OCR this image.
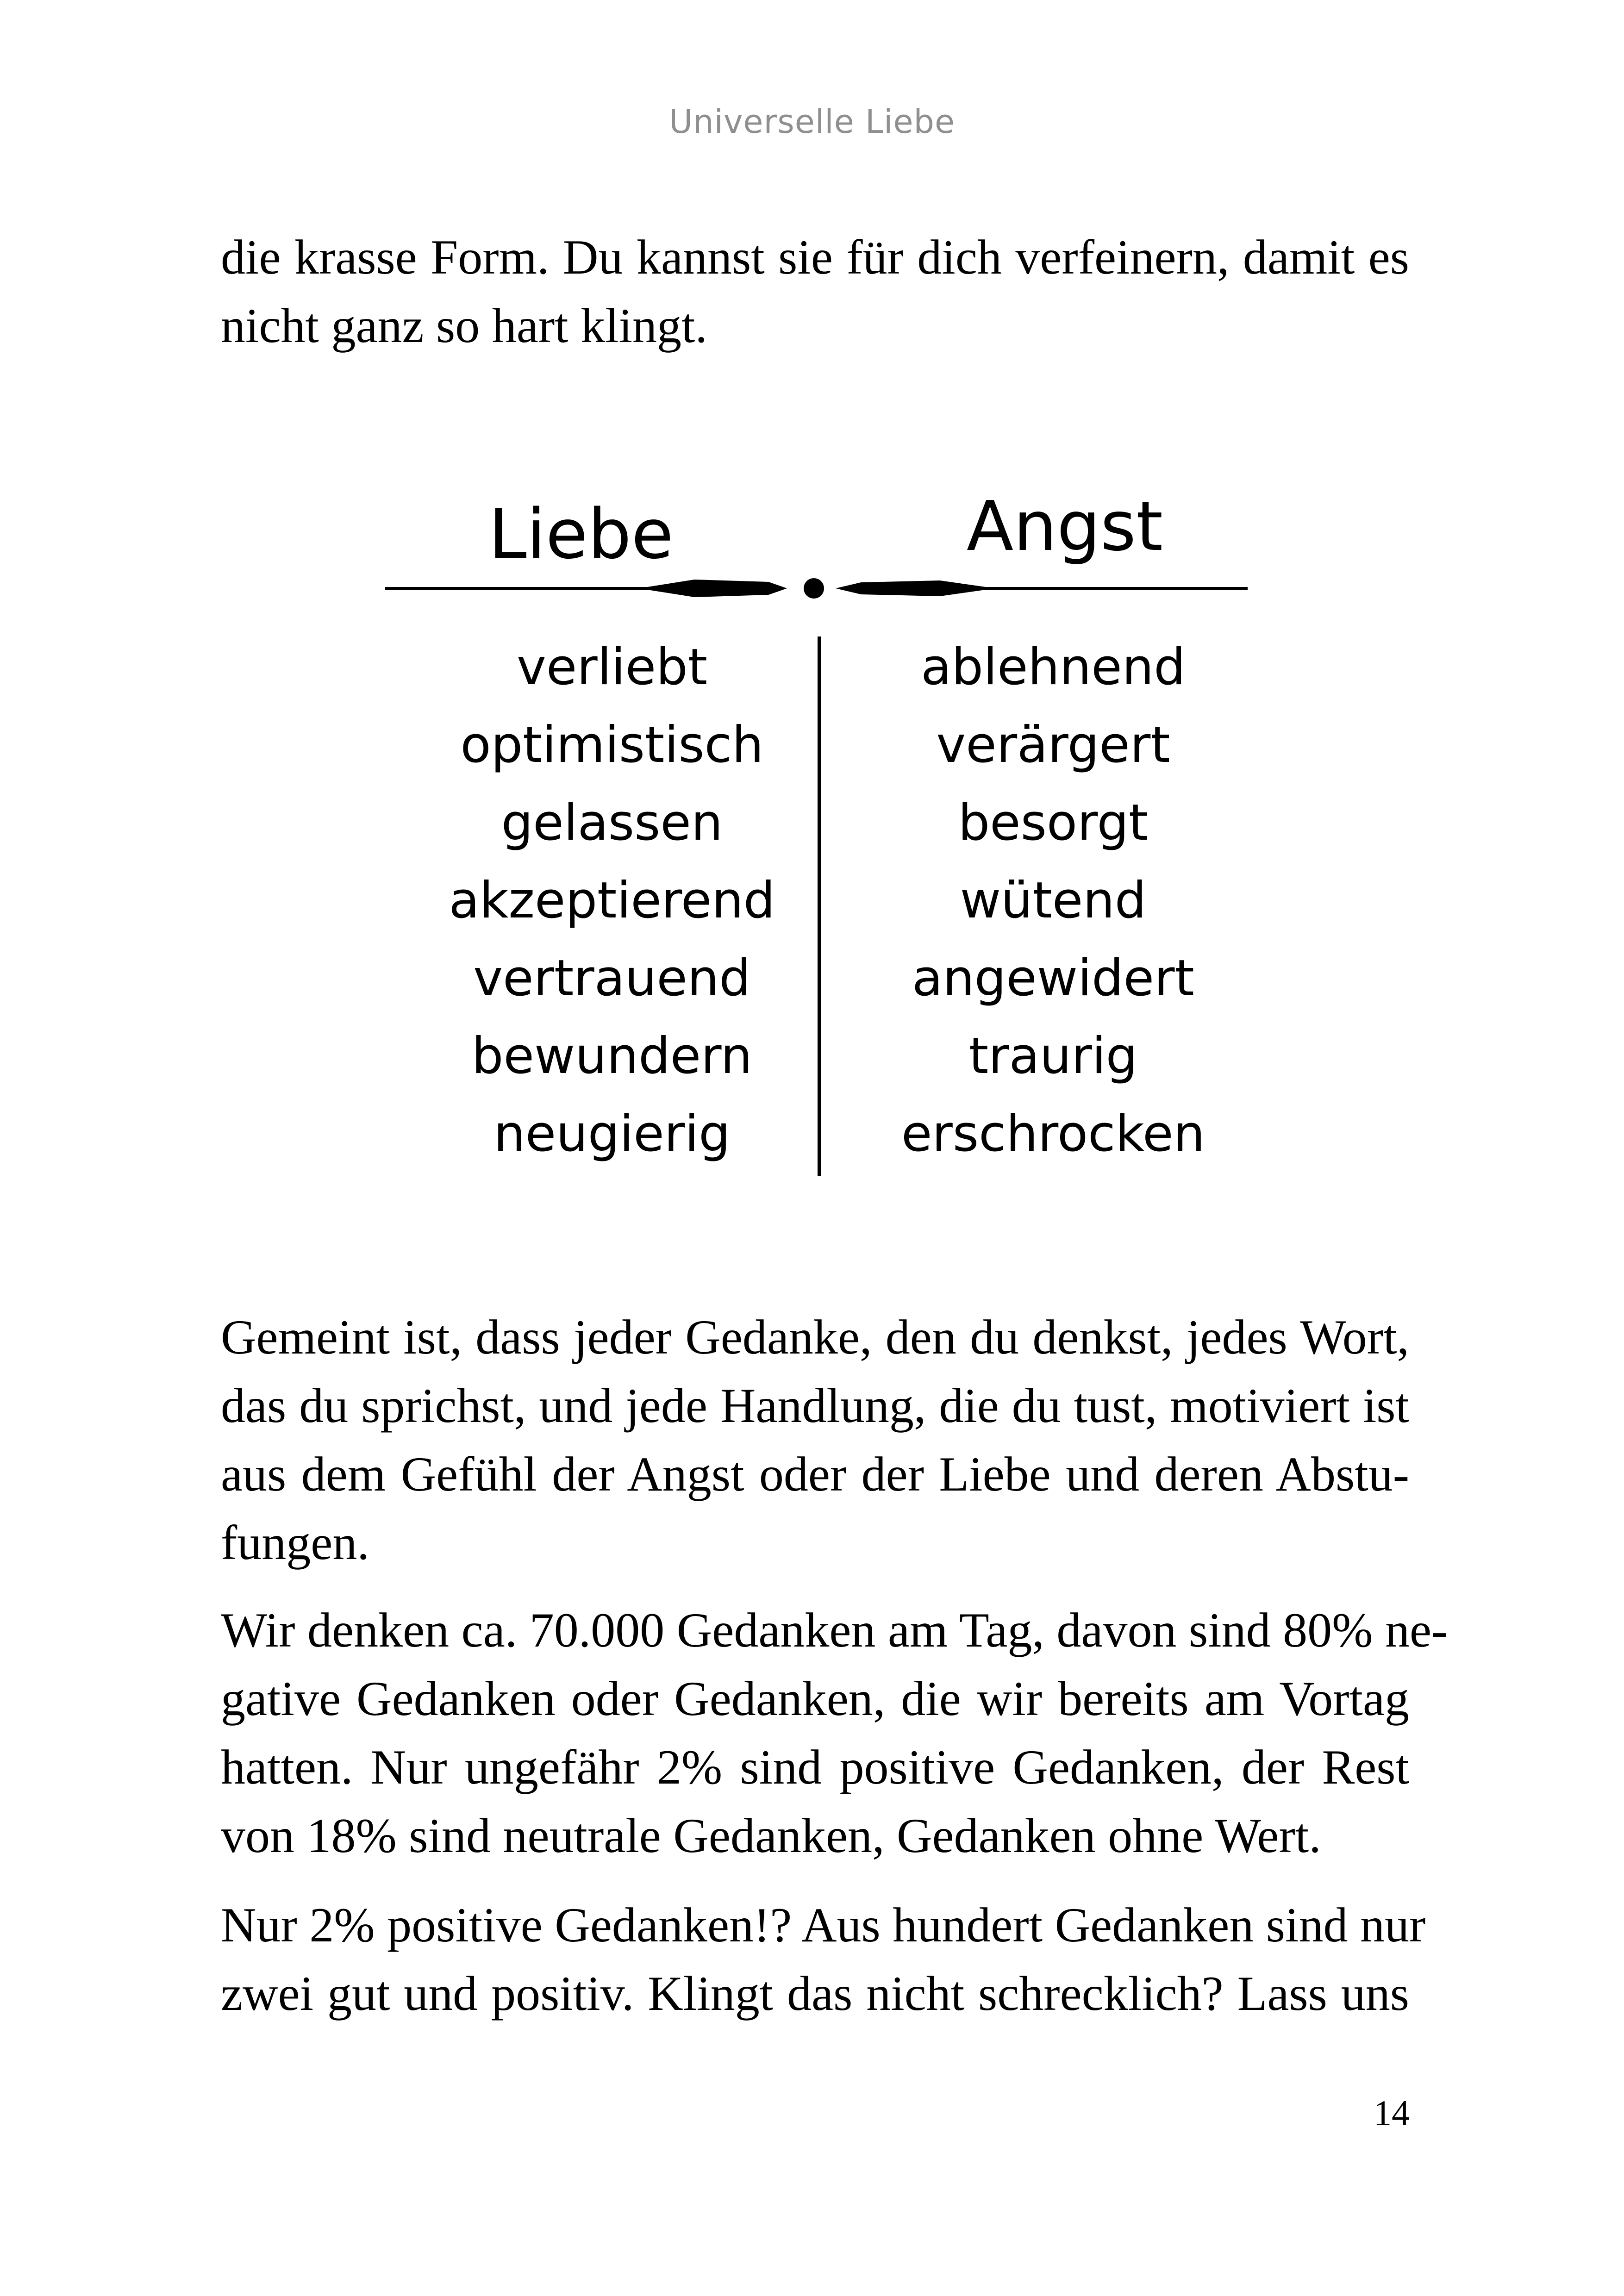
Universelle Liebe
die krasse Form. Du kannst sie für dich verfeinern, damit es
nicht ganz so hart klingt.
Liebe	Angst
verliebt
optimistisch
gelassen
akzeptierend
vertrauend
bewundern
neugierig
ablehnend
verärgert
besorgt
wütend
angewidert
traurig
erschrocken
Gemeint ist, dass jeder Gedanke, den du denkst, jedes Wort,
das du sprichst, und jede Handlung, die du tust, motiviert ist
aus dem Gefühl der Angst oder der Liebe und deren Abstu-
fungen.
Wir denken ca. 70.000 Gedanken am Tag, davon sind 80% ne-
gative Gedanken oder Gedanken, die wir bereits am Vortag
hatten. Nur ungefähr 2% sind positive Gedanken, der Rest
von 18% sind neutrale Gedanken, Gedanken ohne Wert.
Nur 2% positive Gedanken!? Aus hundert Gedanken sind nur
zwei gut und positiv. Klingt das nicht schrecklich? Lass uns
14
